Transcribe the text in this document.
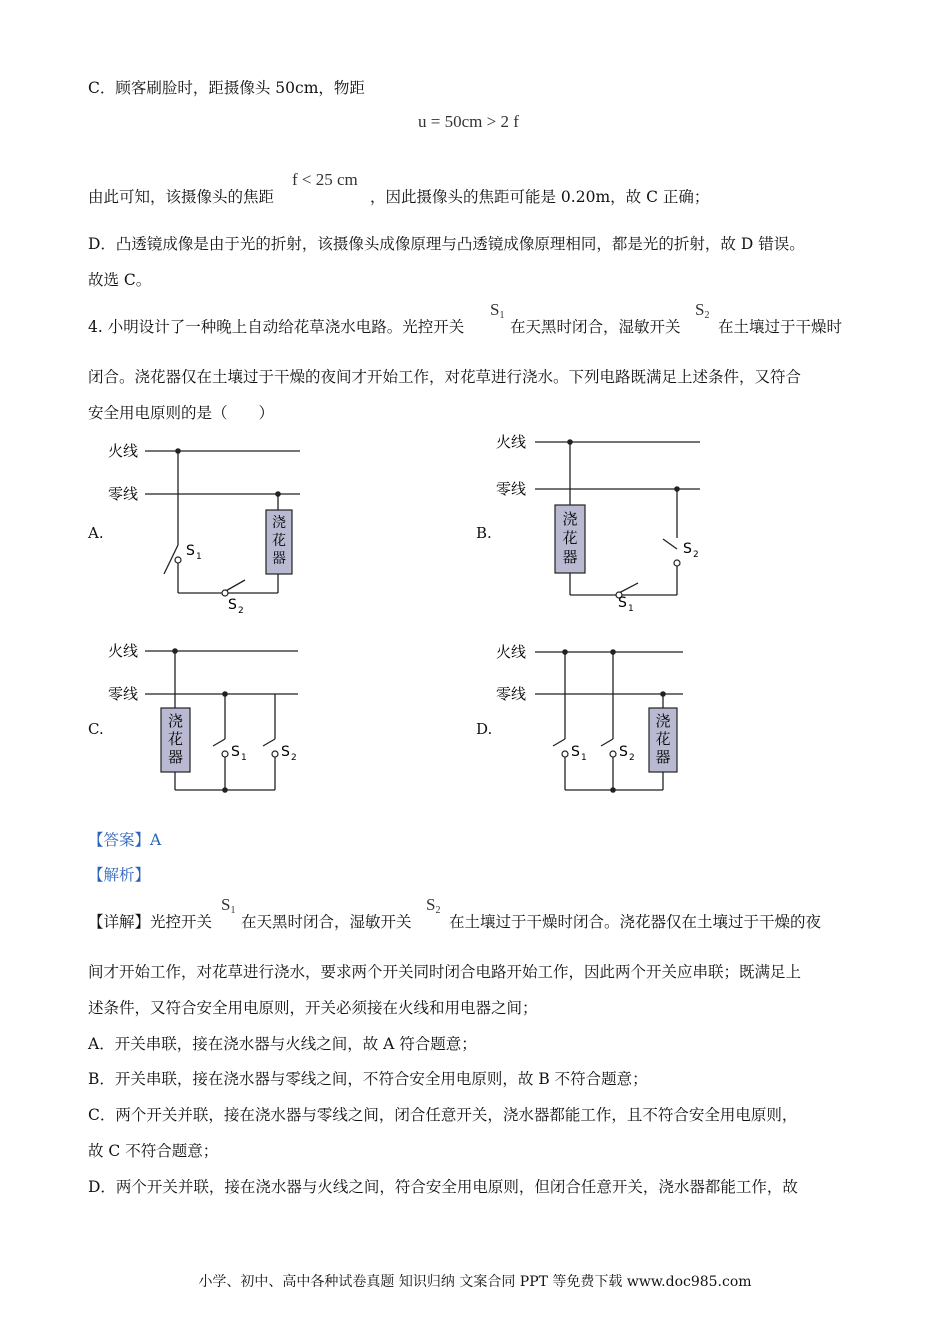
C．顾客刷脸时，距摄像头 50cm，物距
u = 50cm > 2 f
由此可知，该摄像头的焦距
f < 25 cm
，因此摄像头的焦距可能是 0.20m，故 C 正确；
D．凸透镜成像是由于光的折射，该摄像头成像原理与凸透镜成像原理相同，都是光的折射，故 D 错误。
故选 C。
4. 小明设计了一种晚上自动给花草浇水电路。光控开关
$S_1$
在天黑时闭合，湿敏开关
$S_2$
在土壤过于干燥时
闭合。浇花器仅在土壤过于干燥的夜间才开始工作，对花草进行浇水。下列电路既满足上述条件，又符合
安全用电原则的是（　　）
A.	B.
C.	D.
浇
花
器
火线
零线
S 1
S 2
浇
花
器
火线
零线
S 2
S 1
浇
花
器
火线
零线
S 1 S 2
浇
花
器
火线
零线
S 1 S 2
【答案】A
【解析】
【详解】光控开关
$S_1$
在天黑时闭合，湿敏开关
$S_2$
在土壤过于干燥时闭合。浇花器仅在土壤过于干燥的夜
间才开始工作，对花草进行浇水，要求两个开关同时闭合电路开始工作，因此两个开关应串联；既满足上
述条件，又符合安全用电原则，开关必须接在火线和用电器之间；
A．开关串联，接在浇水器与火线之间，故 A 符合题意；
B．开关串联，接在浇水器与零线之间，不符合安全用电原则，故 B 不符合题意；
C．两个开关并联，接在浇水器与零线之间，闭合任意开关，浇水器都能工作，且不符合安全用电原则，
故 C 不符合题意；
D．两个开关并联，接在浇水器与火线之间，符合安全用电原则，但闭合任意开关，浇水器都能工作，故
小学、初中、高中各种试卷真题 知识归纳 文案合同 PPT 等免费下载 www.doc985.com
